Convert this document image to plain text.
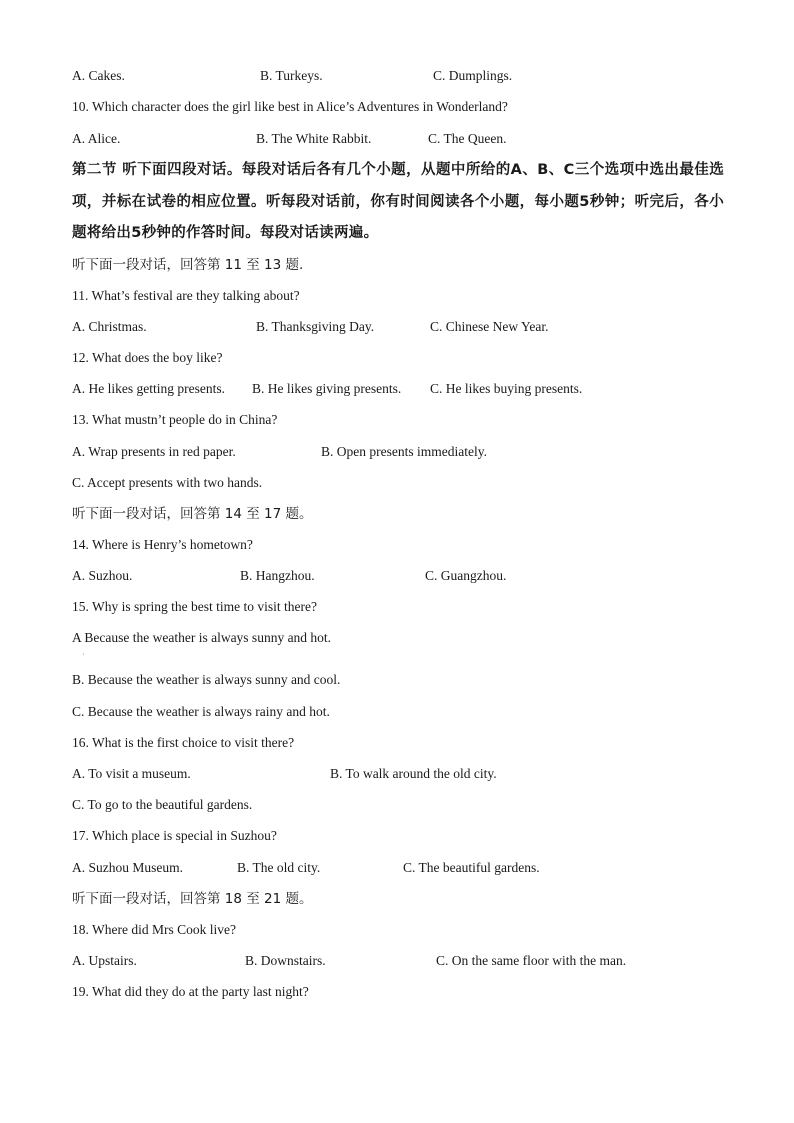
A. Cakes.	B. Turkeys.	C. Dumplings.
10. Which character does the girl like best in Alice’s Adventures in Wonderland?
A. Alice.	B. The White Rabbit.	C. The Queen.
第二节 听下面四段对话。每段对话后各有几个小题，从题中所给的A、B、C三个选项中选出最佳选项，并标在试卷的相应位置。听每段对话前，你有时间阅读各个小题，每小题5秒钟；听完后，各小题将给出5秒钟的作答时间。每段对话读两遍。
听下面一段对话，回答第 11 至 13 题.
11. What’s festival are they talking about?
A. Christmas.	B. Thanksgiving Day.	C. Chinese New Year.
12. What does the boy like?
A. He likes getting presents. B. He likes giving presents. C. He likes buying presents.
13. What mustn’t people do in China?
A. Wrap presents in red paper.	B. Open presents immediately.
C. Accept presents with two hands.
听下面一段对话，回答第 14 至 17 题。
14. Where is Henry’s hometown?
A. Suzhou.	B. Hangzhou.	C. Guangzhou.
15. Why is spring the best time to visit there?
A Because the weather is always sunny and hot.
·
B. Because the weather is always sunny and cool.
C. Because the weather is always rainy and hot.
16. What is the first choice to visit there?
A. To visit a museum.	B. To walk around the old city.
C. To go to the beautiful gardens.
17. Which place is special in Suzhou?
A. Suzhou Museum.	B. The old city.	C. The beautiful gardens.
听下面一段对话，回答第 18 至 21 题。
18. Where did Mrs Cook live?
A. Upstairs.	B. Downstairs.	C. On the same floor with the man.
19. What did they do at the party last night?
